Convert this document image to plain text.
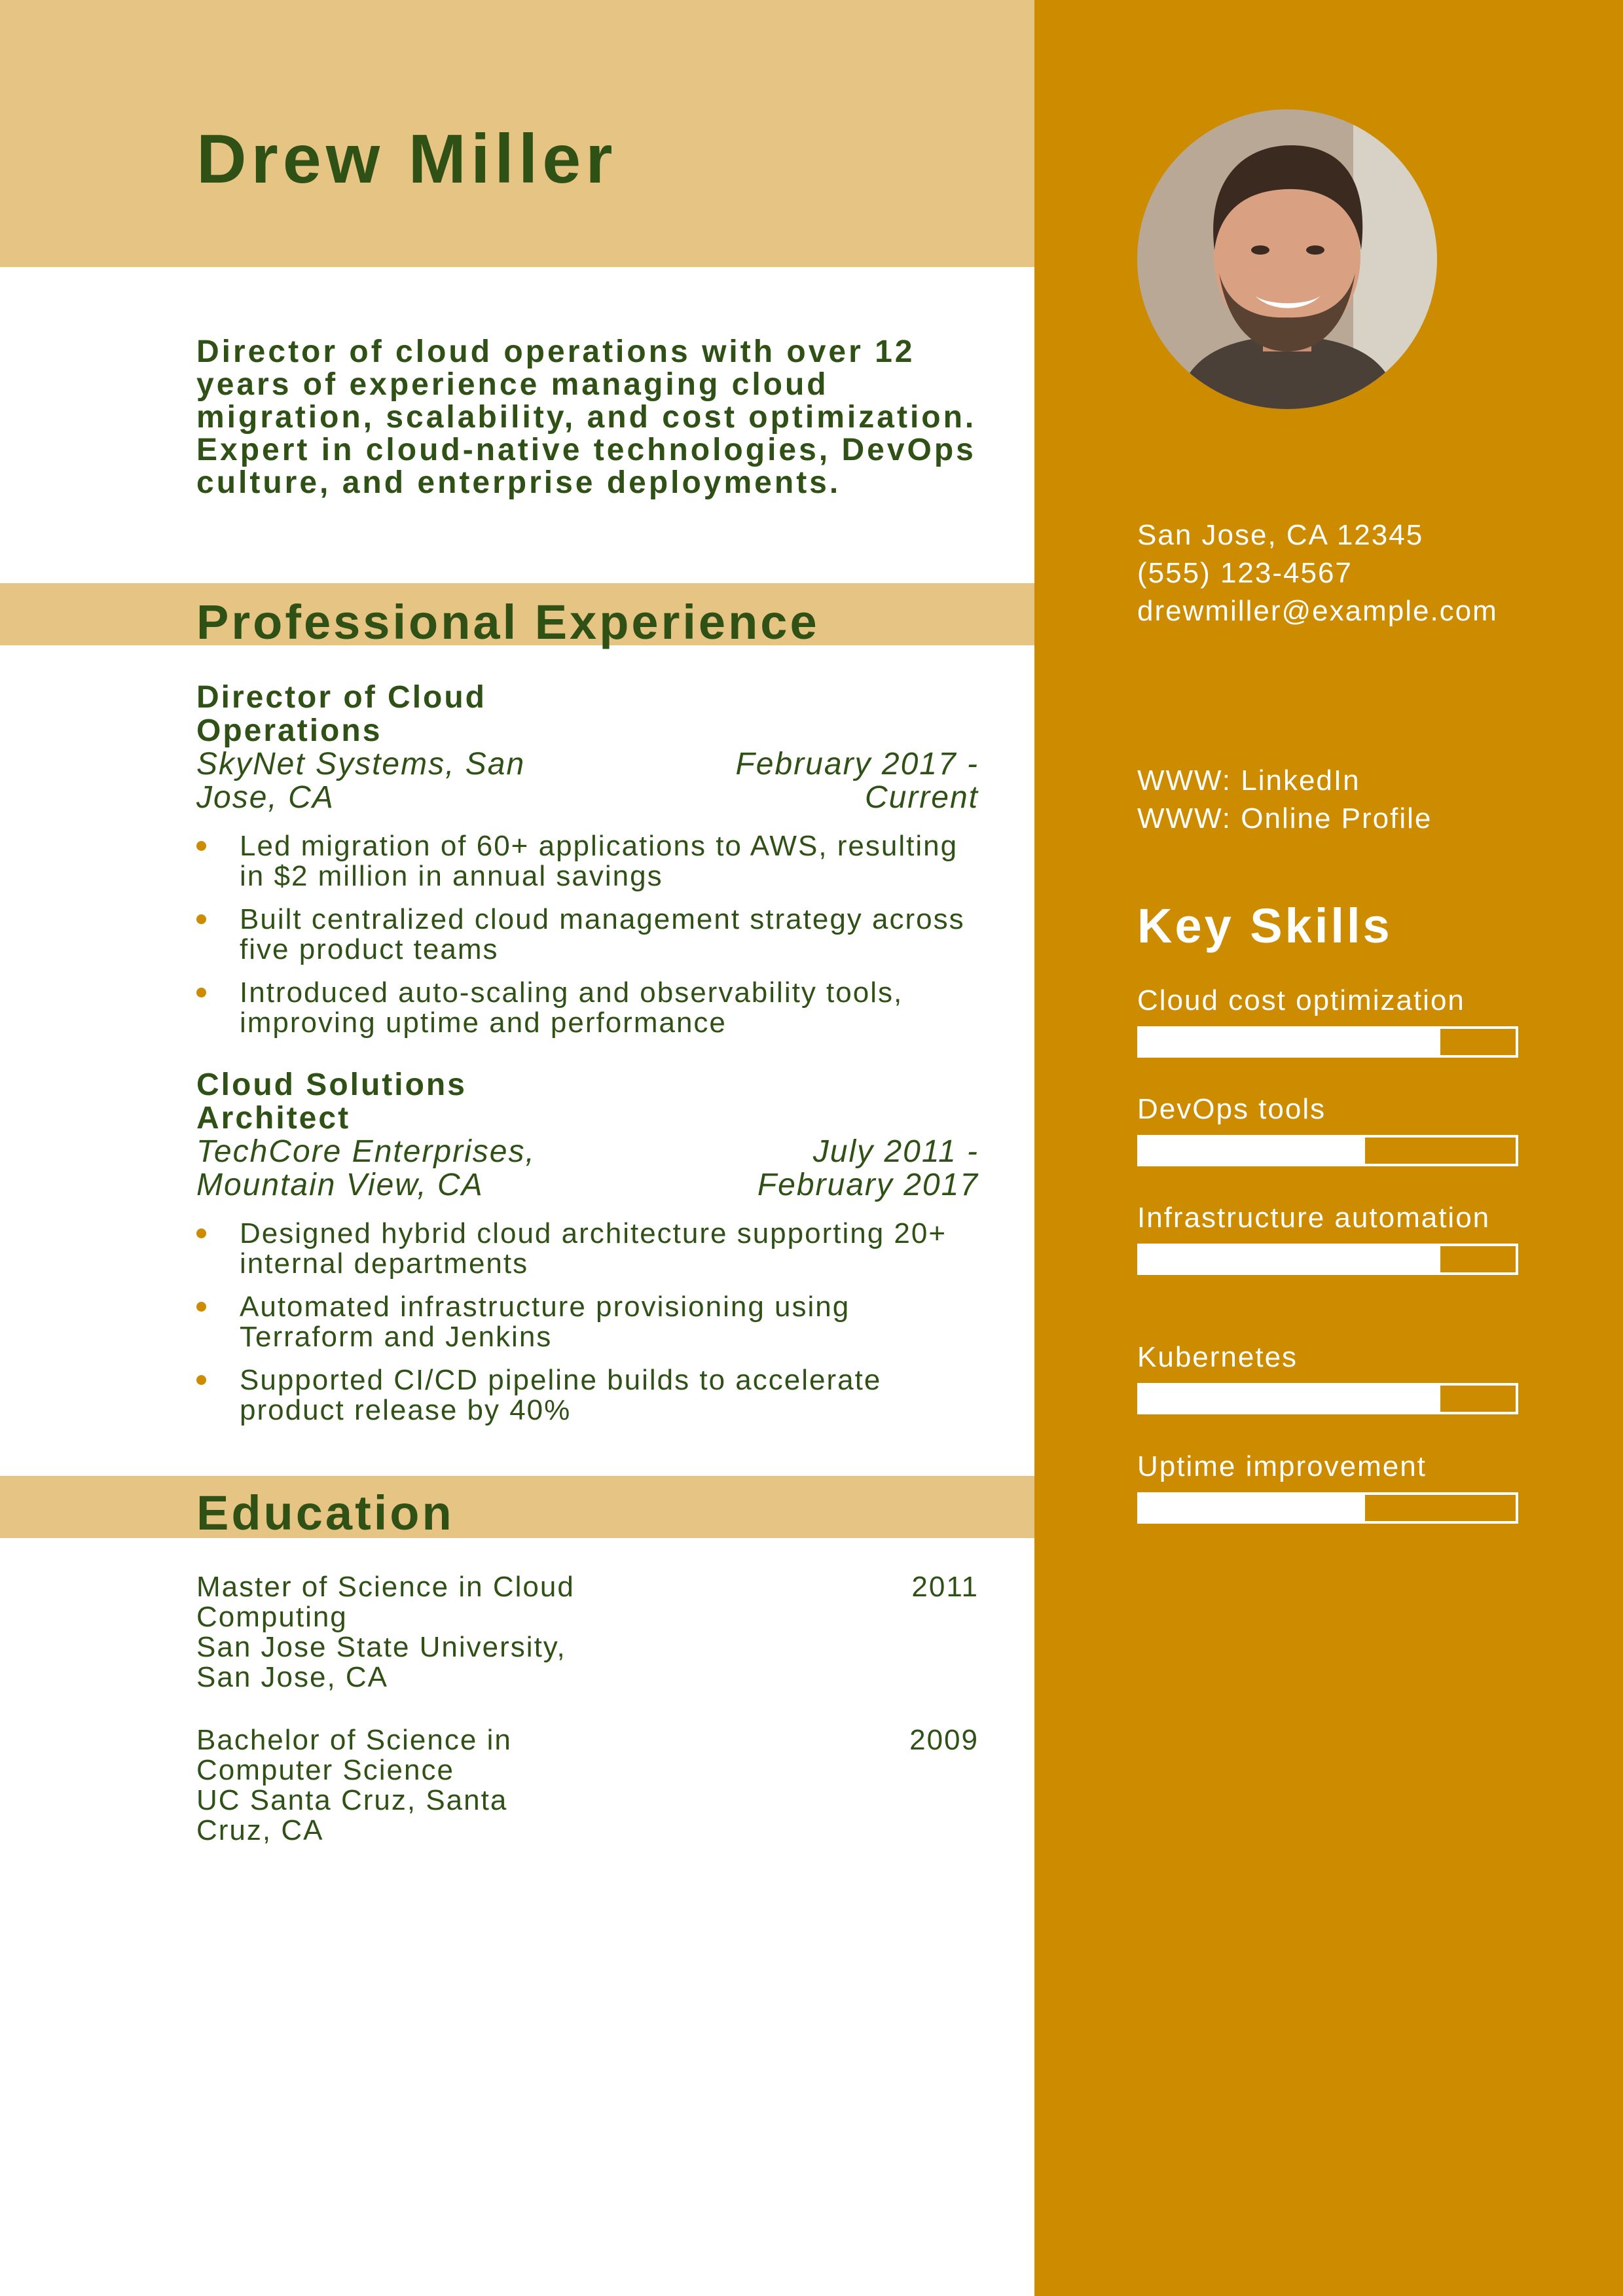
Drew Miller
Director of cloud operations with over 12 years of experience managing cloud migration, scalability, and cost optimization. Expert in cloud-native technologies, DevOps culture, and enterprise deployments.
Professional Experience
Director of Cloud Operations
SkyNet Systems, San Jose, CA
February 2017 - Current
Led migration of 60+ applications to AWS, resulting in $2 million in annual savings
Built centralized cloud management strategy across five product teams
Introduced auto-scaling and observability tools, improving uptime and performance
Cloud Solutions Architect
TechCore Enterprises, Mountain View, CA
July 2011 - February 2017
Designed hybrid cloud architecture supporting 20+ internal departments
Automated infrastructure provisioning using Terraform and Jenkins
Supported CI/CD pipeline builds to accelerate product release by 40%
Education
Master of Science in Cloud Computing
San Jose State University, San Jose, CA
2011
Bachelor of Science in Computer Science
UC Santa Cruz, Santa Cruz, CA
2009
San Jose, CA 12345
(555) 123-4567
drewmiller@example.com
WWW: LinkedIn
WWW: Online Profile
Key Skills
Cloud cost optimization
DevOps tools
Infrastructure automation
Kubernetes
Uptime improvement
